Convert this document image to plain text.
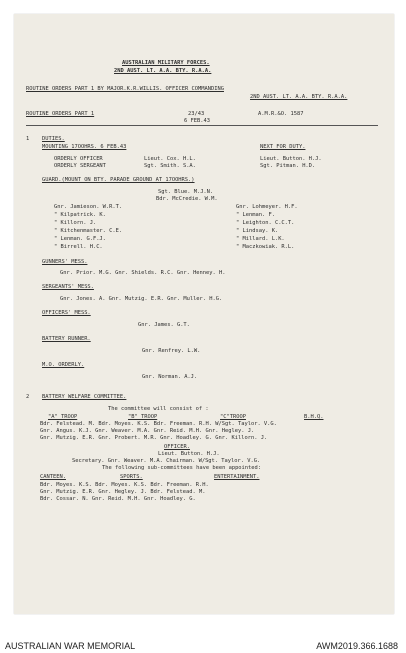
AUSTRALIAN MILITARY FORCES.
2ND AUST. LT. A.A. BTY. R.A.A.
ROUTINE ORDERS PART 1 BY MAJOR.K.R.WILLIS. OFFICER COMMANDING
2ND AUST. LT. A.A. BTY. R.A.A.
ROUTINE ORDERS PART 1	23/43
6 FEB.43
A.M.R.&O. 1587
1 DUTIES.
MOUNTING 17OOHRS. 6 FEB.43	NEXT FOR DUTY.
ORDERLY OFFICER	Lieut. Cox. H.L.	Lieut. Button. H.J.
ORDERLY SERGEANT	Sgt. Smith. S.A.	Sgt. Pitman. H.D.
GUARD.(MOUNT ON BTY. PARADE GROUND AT 17OOHRS.)
Sgt. Blue. M.J.N.
Bdr. McCredie. W.M.
Gnr. Jamieson. W.R.T.
" Kilpatrick. K.
" Killorn. J.
" Kitchenmaster. C.E.
" Lenman. G.F.J.
" Birrell. H.C.
Gnr. Lohmeyer. H.F.
" Lenman. F.
" Leighton. C.C.T.
" Lindsay. K.
" Millard. L.K.
" Maczkowiak. R.L.
GUNNERS' MESS.
Gnr. Prior. M.G. Gnr. Shields. R.C. Gnr. Henney. H.
SERGEANTS' MESS.
Gnr. Jones. A. Gnr. Mutzig. E.R. Gnr. Muller. H.G.
OFFICERS' MESS.
Gnr. James. G.T.
BATTERY RUNNER.
Gnr. Renfrey. L.W.
M.O. ORDERLY.
Gnr. Norman. A.J.
2 BATTERY WELFARE COMMITTEE.
The committee will consist of :
"A" TROOP	"B" TROOP	"C"TROOP	B.H.Q.
Bdr. Felstead. M. Bdr. Moyes. K.S. Bdr. Freeman. R.H. W/Sgt. Taylor. V.G.
Gnr. Angus. K.J. Gnr. Weaver. M.A. Gnr. Reid. M.H. Gnr. Hegley. J.
Gnr. Mutzig. E.R. Gnr. Probert. M.R. Gnr. Hoadley. G. Gnr. Killorn. J.
OFFICER.
Lieut. Button. H.J.
Secretary. Gnr. Weaver. M.A. Chairman. W/Sgt. Taylor. V.G.
The following sub-committees have been appointed:
CANTEEN.	SPORTS.	ENTERTAINMENT.
Bdr. Moyes. K.S. Bdr. Moyes. K.S. Bdr. Freeman. R.H.
Gnr. Mutzig. E.R. Gnr. Hegley. J. Bdr. Felstead. M.
Bdr. Cossar. N. Gnr. Reid. M.H. Gnr. Hoadley. G.
AUSTRALIAN WAR MEMORIAL	AWM2019.366.1688
